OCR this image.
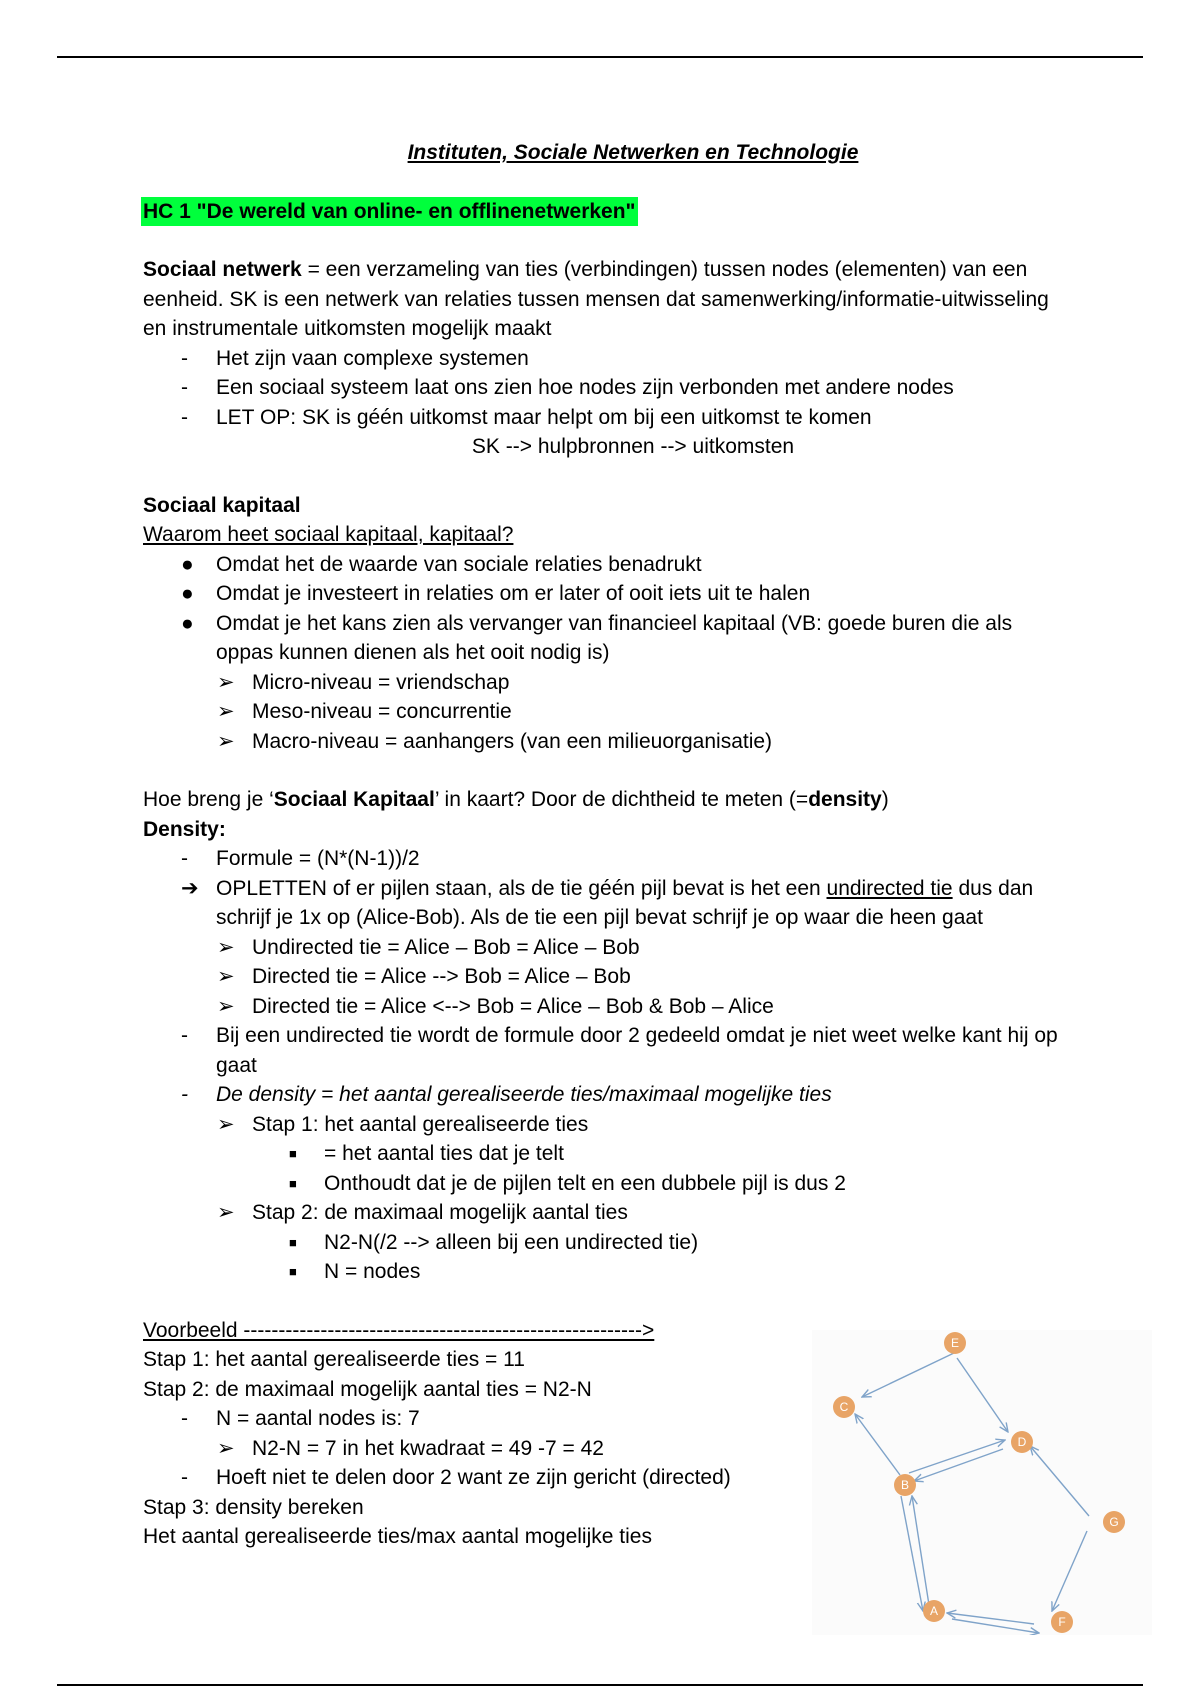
Instituten, Sociale Netwerken en Technologie
HC 1 "De wereld van online- en offlinenetwerken"
Sociaal netwerk = een verzameling van ties (verbindingen) tussen nodes (elementen) van een eenheid. SK is een netwerk van relaties tussen mensen dat samenwerking/informatie-uitwisseling en instrumentale uitkomsten mogelijk maakt
- Het zijn vaan complexe systemen
- Een sociaal systeem laat ons zien hoe nodes zijn verbonden met andere nodes
- LET OP: SK is géén uitkomst maar helpt om bij een uitkomst te komen
SK --> hulpbronnen --> uitkomsten
Sociaal kapitaal
Waarom heet sociaal kapitaal, kapitaal?
● Omdat het de waarde van sociale relaties benadrukt
● Omdat je investeert in relaties om er later of ooit iets uit te halen
● Omdat je het kans zien als vervanger van financieel kapitaal (VB: goede buren die als oppas kunnen dienen als het ooit nodig is)
➢ Micro-niveau = vriendschap
➢ Meso-niveau = concurrentie
➢ Macro-niveau = aanhangers (van een milieuorganisatie)
Hoe breng je ‘Sociaal Kapitaal’ in kaart? Door de dichtheid te meten (=density)
Density:
- Formule = (N*(N-1))/2
➔ OPLETTEN of er pijlen staan, als de tie géén pijl bevat is het een undirected tie dus dan schrijf je 1x op (Alice-Bob). Als de tie een pijl bevat schrijf je op waar die heen gaat
➢ Undirected tie = Alice – Bob = Alice – Bob
➢ Directed tie = Alice --> Bob = Alice – Bob
➢ Directed tie = Alice <--> Bob = Alice – Bob & Bob – Alice
- Bij een undirected tie wordt de formule door 2 gedeeld omdat je niet weet welke kant hij op gaat
- De density = het aantal gerealiseerde ties/maximaal mogelijke ties
➢ Stap 1: het aantal gerealiseerde ties
■ = het aantal ties dat je telt
■ Onthoudt dat je de pijlen telt en een dubbele pijl is dus 2
➢ Stap 2: de maximaal mogelijk aantal ties
■ N2-N(/2 --> alleen bij een undirected tie)
■ N = nodes
Voorbeeld --------------------------------------------------------->
Stap 1: het aantal gerealiseerde ties = 11
Stap 2: de maximaal mogelijk aantal ties = N2-N
- N = aantal nodes is: 7
➢ N2-N = 7 in het kwadraat = 49 -7 = 42
- Hoeft niet te delen door 2 want ze zijn gericht (directed)
Stap 3: density bereken
Het aantal gerealiseerde ties/max aantal mogelijke ties
E
C
D
B
G
A
F
